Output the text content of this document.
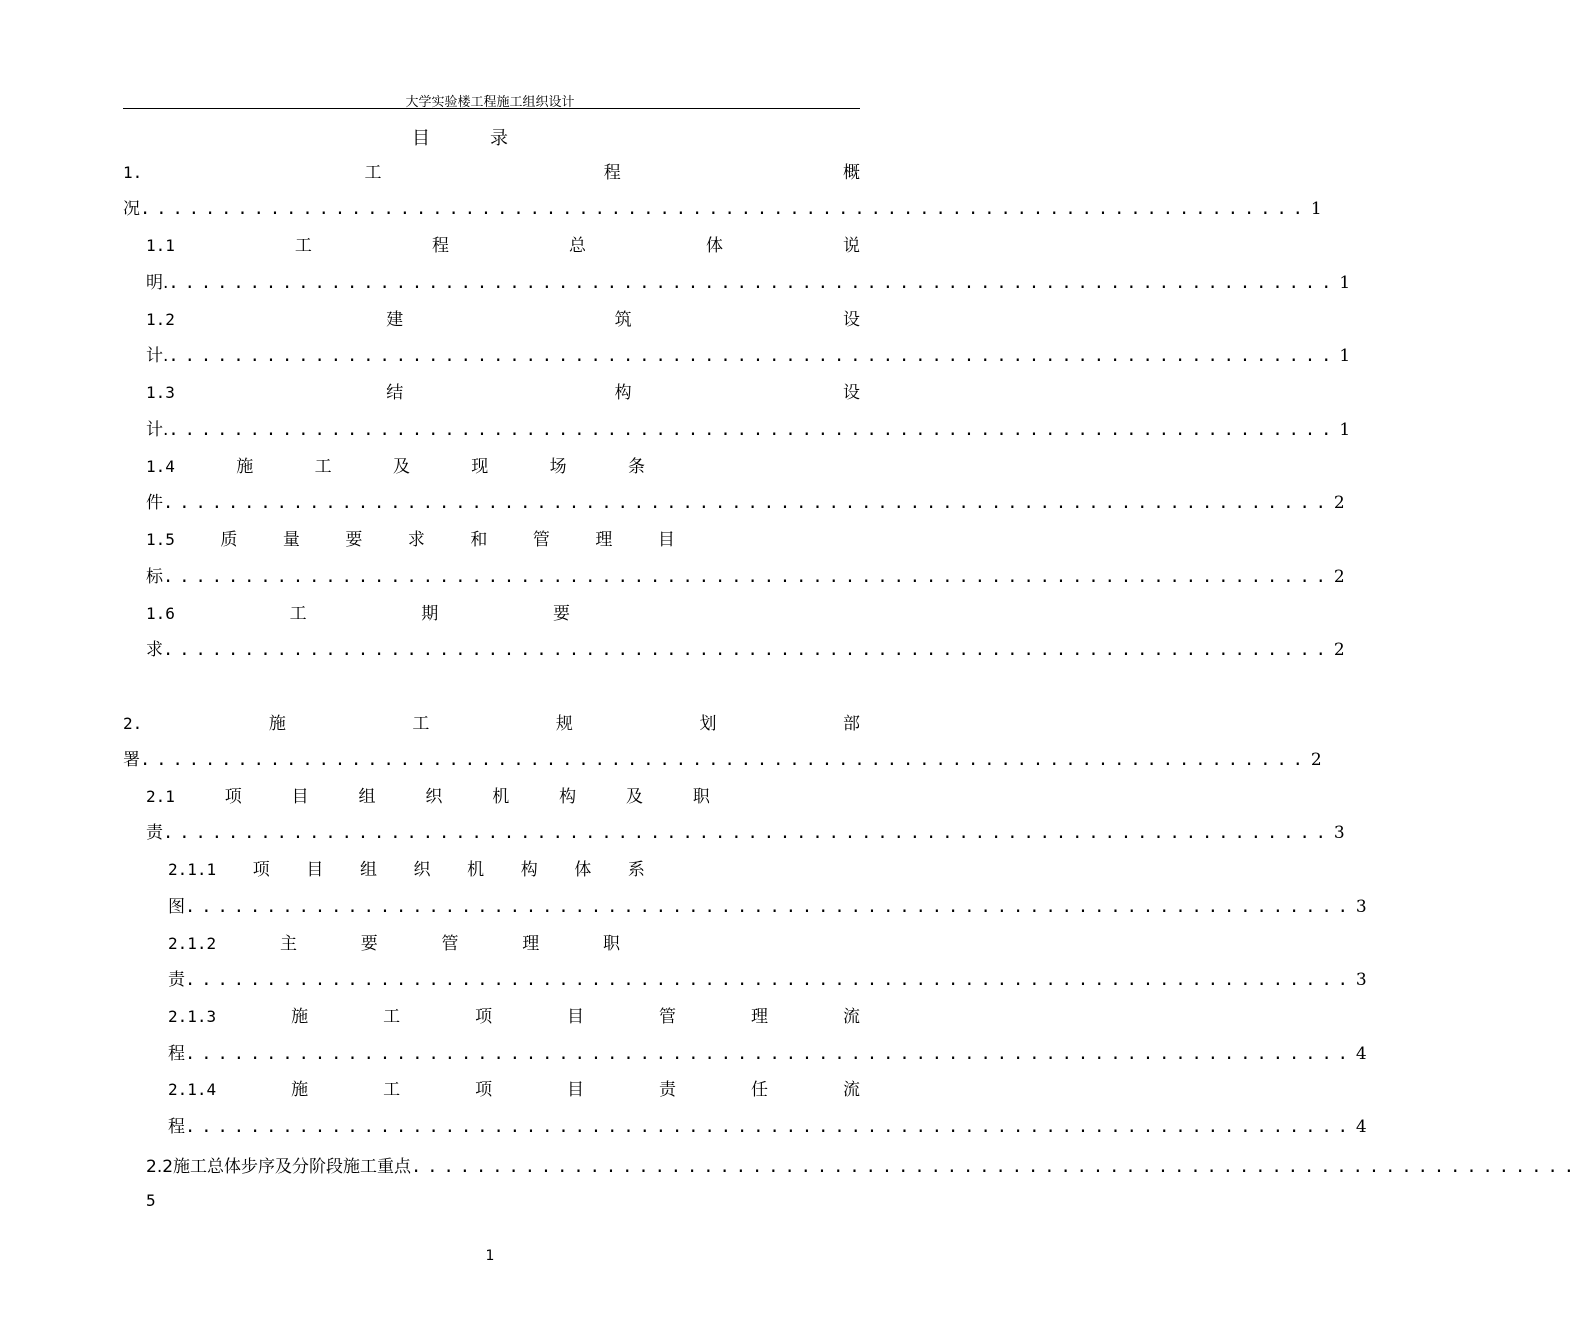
大学实验楼工程施工组织设计
目录
1.	工	程	概
况 ........................................................................ 1
1.1	工	程	总	体	说
明. ........................................................................ 1
1.2	建	筑	设
计. ........................................................................ 1
1.3	结	构	设
计. ........................................................................ 1
1.4	施	工	及	现	场	条
件 ........................................................................ 2
1.5	质	量	要	求	和	管	理	目
标 ........................................................................ 2
1.6	工	期	要
求 ........................................................................ 2
2.	施	工	规	划	部
署 ........................................................................ 2
2.1	项	目	组	织	机	构	及	职
责 ........................................................................ 3
2.1.1 项 目 组 织 机 构 体 系
图 ........................................................................ 3
2.1.2	主	要	管	理	职
责 ........................................................................ 3
2.1.3	施	工	项	目	管	理	流
程 ........................................................................ 4
2.1.4	施	工	项	目	责	任	流
程 ........................................................................ 4
2.2施工总体步序及分阶段施工重点 ........................................................................
5
1
